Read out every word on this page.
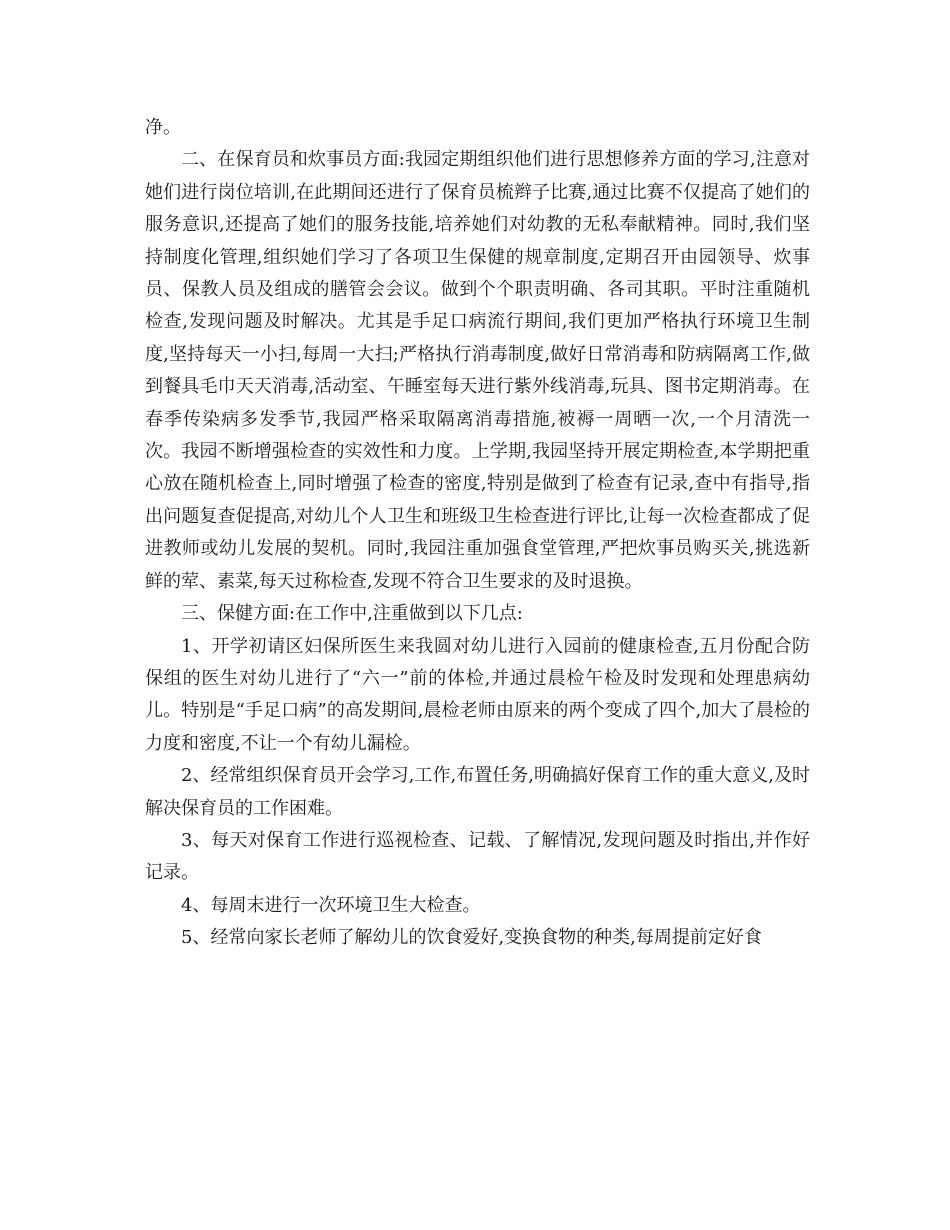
净。

二、在保育员和炊事员方面:我园定期组织他们进行思想修养方面的学习,注意对她们进行岗位培训,在此期间还进行了保育员梳辫子比赛,通过比赛不仅提高了她们的服务意识,还提高了她们的服务技能,培养她们对幼教的无私奉献精神。同时,我们坚持制度化管理,组织她们学习了各项卫生保健的规章制度,定期召开由园领导、炊事员、保教人员及组成的膳管会会议。做到个个职责明确、各司其职。平时注重随机检查,发现问题及时解决。尤其是手足口病流行期间,我们更加严格执行环境卫生制度,坚持每天一小扫,每周一大扫;严格执行消毒制度,做好日常消毒和防病隔离工作,做到餐具毛巾天天消毒,活动室、午睡室每天进行紫外线消毒,玩具、图书定期消毒。在春季传染病多发季节,我园严格采取隔离消毒措施,被褥一周晒一次,一个月清洗一次。我园不断增强检查的实效性和力度。上学期,我园坚持开展定期检查,本学期把重心放在随机检查上,同时增强了检查的密度,特别是做到了检查有记录,查中有指导,指出问题复查促提高,对幼儿个人卫生和班级卫生检查进行评比,让每一次检查都成了促进教师或幼儿发展的契机。同时,我园注重加强食堂管理,严把炊事员购买关,挑选新鲜的荤、素菜,每天过称检查,发现不符合卫生要求的及时退换。

三、保健方面:在工作中,注重做到以下几点:

1、开学初请区妇保所医生来我圆对幼儿进行入园前的健康检查,五月份配合防保组的医生对幼儿进行了“六一”前的体检,并通过晨检午检及时发现和处理患病幼儿。特别是“手足口病”的高发期间,晨检老师由原来的两个变成了四个,加大了晨检的力度和密度,不让一个有幼儿漏检。

2、经常组织保育员开会学习,工作,布置任务,明确搞好保育工作的重大意义,及时解决保育员的工作困难。

3、每天对保育工作进行巡视检查、记载、了解情况,发现问题及时指出,并作好记录。

4、每周末进行一次环境卫生大检查。

5、经常向家长老师了解幼儿的饮食爱好,变换食物的种类,每周提前定好食
